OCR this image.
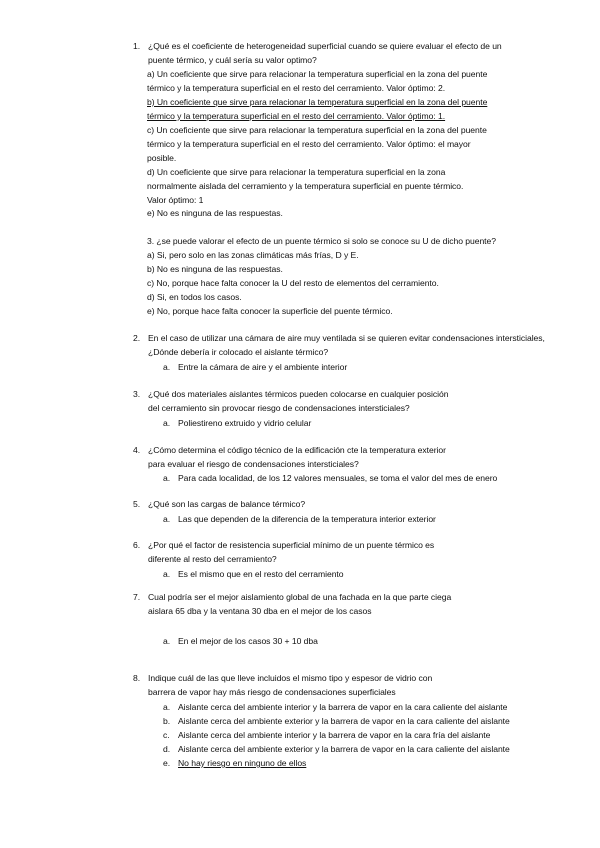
1. ¿Qué es el coeficiente de heterogeneidad superficial cuando se quiere evaluar el efecto de un
puente térmico, y cuál sería su valor optimo?
a) Un coeficiente que sirve para relacionar la temperatura superficial en la zona del puente
térmico y la temperatura superficial en el resto del cerramiento. Valor óptimo: 2.
b) Un coeficiente que sirve para relacionar la temperatura superficial en la zona del puente
térmico y la temperatura superficial en el resto del cerramiento. Valor óptimo: 1.
c) Un coeficiente que sirve para relacionar la temperatura superficial en la zona del puente
térmico y la temperatura superficial en el resto del cerramiento. Valor óptimo: el mayor
posible.
d) Un coeficiente que sirve para relacionar la temperatura superficial en la zona
normalmente aislada del cerramiento y la temperatura superficial en puente térmico.
Valor óptimo: 1
e) No es ninguna de las respuestas.
3. ¿se puede valorar el efecto de un puente térmico si solo se conoce su U de dicho puente?
a) Si, pero solo en las zonas climáticas más frías, D y E.
b) No es ninguna de las respuestas.
c) No, porque hace falta conocer la U del resto de elementos del cerramiento.
d) Si, en todos los casos.
e) No, porque hace falta conocer la superficie del puente térmico.
2. En el caso de utilizar una cámara de aire muy ventilada si se quieren evitar condensaciones intersticiales,
¿Dónde debería ir colocado el aislante térmico?
a. Entre la cámara de aire y el ambiente interior
3. ¿Qué dos materiales aislantes térmicos pueden colocarse en cualquier posición
del cerramiento sin provocar riesgo de condensaciones intersticiales?
a. Poliestireno extruido y vidrio celular
4. ¿Cómo determina el código técnico de la edificación cte la temperatura exterior
para evaluar el riesgo de condensaciones intersticiales?
a. Para cada localidad, de los 12 valores mensuales, se toma el valor del mes de enero
5. ¿Qué son las cargas de balance térmico?
a. Las que dependen de la diferencia de la temperatura interior exterior
6. ¿Por qué el factor de resistencia superficial mínimo de un puente térmico es
diferente al resto del cerramiento?
a. Es el mismo que en el resto del cerramiento
7. Cual podría ser el mejor aislamiento global de una fachada en la que parte ciega
aislara 65 dba y la ventana 30 dba en el mejor de los casos
a. En el mejor de los casos 30 + 10 dba
8. Indique cuál de las que lleve incluidos el mismo tipo y espesor de vidrio con
barrera de vapor hay más riesgo de condensaciones superficiales
a. Aislante cerca del ambiente interior y la barrera de vapor en la cara caliente del aislante
b. Aislante cerca del ambiente exterior y la barrera de vapor en la cara caliente del aislante
c. Aislante cerca del ambiente interior y la barrera de vapor en la cara fría del aislante
d. Aislante cerca del ambiente exterior y la barrera de vapor en la cara caliente del aislante
e. No hay riesgo en ninguno de ellos
